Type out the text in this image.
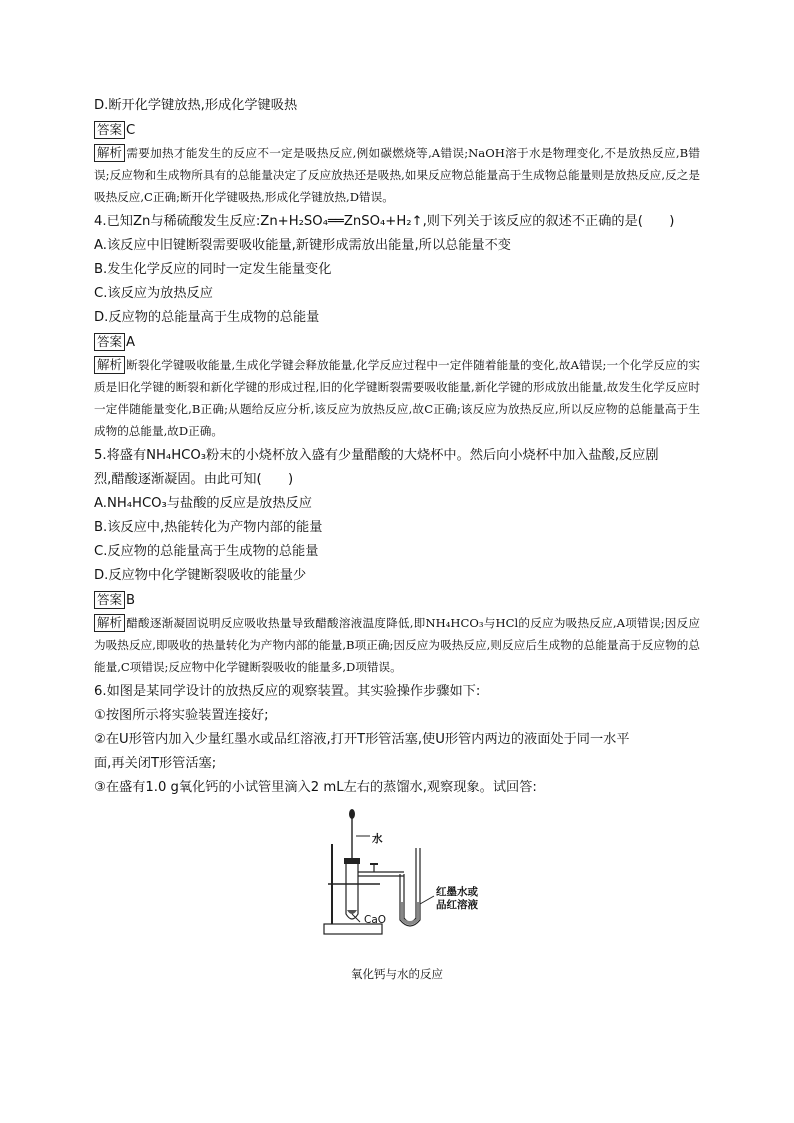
D.断开化学键放热,形成化学键吸热
答案 C
解析 需要加热才能发生的反应不一定是吸热反应,例如碳燃烧等,A错误;NaOH溶于水是物理变化,不是放热反应,B错误;反应物和生成物所具有的总能量决定了反应放热还是吸热,如果反应物总能量高于生成物总能量则是放热反应,反之是吸热反应,C正确;断开化学键吸热,形成化学键放热,D错误。
4.已知Zn与稀硫酸发生反应:Zn+H₂SO₄══ZnSO₄+H₂↑,则下列关于该反应的叙述不正确的是(　　)
A.该反应中旧键断裂需要吸收能量,新键形成需放出能量,所以总能量不变
B.发生化学反应的同时一定发生能量变化
C.该反应为放热反应
D.反应物的总能量高于生成物的总能量
答案 A
解析 断裂化学键吸收能量,生成化学键会释放能量,化学反应过程中一定伴随着能量的变化,故A错误;一个化学反应的实质是旧化学键的断裂和新化学键的形成过程,旧的化学键断裂需要吸收能量,新化学键的形成放出能量,故发生化学反应时一定伴随能量变化,B正确;从题给反应分析,该反应为放热反应,故C正确;该反应为放热反应,所以反应物的总能量高于生成物的总能量,故D正确。
5.将盛有NH₄HCO₃粉末的小烧杯放入盛有少量醋酸的大烧杯中。然后向小烧杯中加入盐酸,反应剧
烈,醋酸逐渐凝固。由此可知(　　)
A.NH₄HCO₃与盐酸的反应是放热反应
B.该反应中,热能转化为产物内部的能量
C.反应物的总能量高于生成物的总能量
D.反应物中化学键断裂吸收的能量少
答案 B
解析 醋酸逐渐凝固说明反应吸收热量导致醋酸溶液温度降低,即NH₄HCO₃与HCl的反应为吸热反应,A项错误;因反应为吸热反应,即吸收的热量转化为产物内部的能量,B项正确;因反应为吸热反应,则反应后生成物的总能量高于反应物的总能量,C项错误;反应物中化学键断裂吸收的能量多,D项错误。
6.如图是某同学设计的放热反应的观察装置。其实验操作步骤如下:
①按图所示将实验装置连接好;
②在U形管内加入少量红墨水或品红溶液,打开T形管活塞,使U形管内两边的液面处于同一水平
面,再关闭T形管活塞;
③在盛有1.0 g氧化钙的小试管里滴入2 mL左右的蒸馏水,观察现象。试回答:
水
红墨水或
品红溶液
CaO
氧化钙与水的反应
